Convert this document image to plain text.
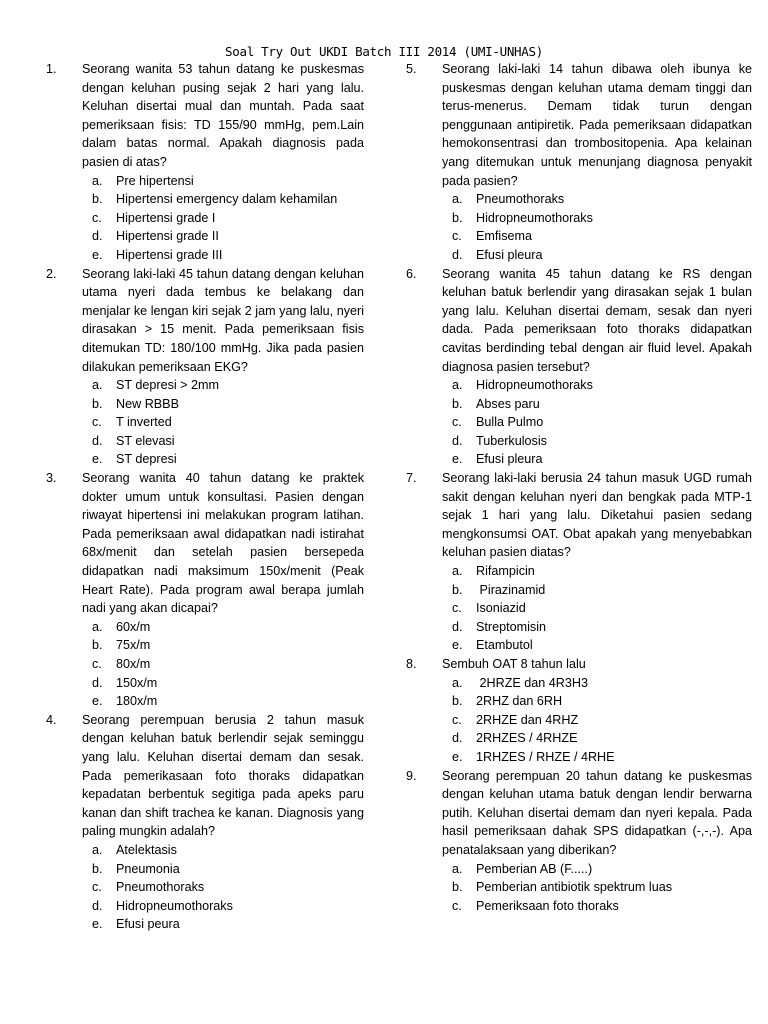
Soal Try Out UKDI Batch III 2014 (UMI-UNHAS)
1.	Seorang wanita 53 tahun datang ke puskesmas dengan keluhan pusing sejak 2 hari yang lalu. Keluhan disertai mual dan muntah. Pada saat pemeriksaan fisis: TD 155/90 mmHg, pem.Lain dalam batas normal. Apakah diagnosis pada pasien di atas?
a.	Pre hipertensi
b.	Hipertensi emergency dalam kehamilan
c.	Hipertensi grade I
d.	Hipertensi grade II
e.	Hipertensi grade III
2.	Seorang laki-laki 45 tahun datang dengan keluhan utama nyeri dada tembus ke belakang dan menjalar ke lengan kiri sejak 2 jam yang lalu, nyeri dirasakan > 15 menit. Pada pemeriksaan fisis ditemukan TD: 180/100 mmHg. Jika pada pasien dilakukan pemeriksaan EKG?
a.	ST depresi > 2mm
b.	New RBBB
c.	T inverted
d.	ST elevasi
e.	ST depresi
3.	Seorang wanita 40 tahun datang ke praktek dokter umum untuk konsultasi. Pasien dengan riwayat hipertensi ini melakukan program latihan. Pada pemeriksaan awal didapatkan nadi istirahat 68x/menit dan setelah pasien bersepeda didapatkan nadi maksimum 150x/menit (Peak Heart Rate). Pada program awal berapa jumlah nadi yang akan dicapai?
a.	60x/m
b.	75x/m
c.	80x/m
d.	150x/m
e.	180x/m
4.	Seorang perempuan berusia 2 tahun masuk dengan keluhan batuk berlendir sejak seminggu yang lalu. Keluhan disertai demam dan sesak. Pada pemerikasaan foto thoraks didapatkan kepadatan berbentuk segitiga pada apeks paru kanan dan shift trachea ke kanan. Diagnosis yang paling mungkin adalah?
a.	Atelektasis
b.	Pneumonia
c.	Pneumothoraks
d.	Hidropneumothoraks
e.	Efusi peura
5.	Seorang laki-laki 14 tahun dibawa oleh ibunya ke puskesmas dengan keluhan utama demam tinggi dan terus-menerus. Demam tidak turun dengan penggunaan antipiretik. Pada pemeriksaan didapatkan hemokonsentrasi dan trombositopenia. Apa kelainan yang ditemukan untuk menunjang diagnosa penyakit pada pasien?
a.	Pneumothoraks
b.	Hidropneumothoraks
c.	Emfisema
d.	Efusi pleura
6.	Seorang wanita 45 tahun datang ke RS dengan keluhan batuk berlendir yang dirasakan sejak 1 bulan yang lalu. Keluhan disertai demam, sesak dan nyeri dada. Pada pemeriksaan foto thoraks didapatkan cavitas berdinding tebal dengan air fluid level. Apakah diagnosa pasien tersebut?
a.	Hidropneumothoraks
b.	Abses paru
c.	Bulla Pulmo
d.	Tuberkulosis
e.	Efusi pleura
7.	Seorang laki-laki berusia 24 tahun masuk UGD rumah sakit dengan keluhan nyeri dan bengkak pada MTP-1 sejak 1 hari yang lalu. Diketahui pasien sedang mengkonsumsi OAT. Obat apakah yang menyebabkan keluhan pasien diatas?
a.	Rifampicin
b.	Pirazinamid
c.	Isoniazid
d.	Streptomisin
e.	Etambutol
8.	Sembuh OAT 8 tahun lalu
a.	2HRZE dan 4R3H3
b.	2RHZ dan 6RH
c.	2RHZE dan 4RHZ
d.	2RHZES / 4RHZE
e.	1RHZES / RHZE / 4RHE
9.	Seorang perempuan 20 tahun datang ke puskesmas dengan keluhan utama batuk dengan lendir berwarna putih. Keluhan disertai demam dan nyeri kepala. Pada hasil pemeriksaan dahak SPS didapatkan (-,-,-). Apa penatalaksaan yang diberikan?
a.	Pemberian AB (F.....)
b.	Pemberian antibiotik spektrum luas
c.	Pemeriksaan foto thoraks
